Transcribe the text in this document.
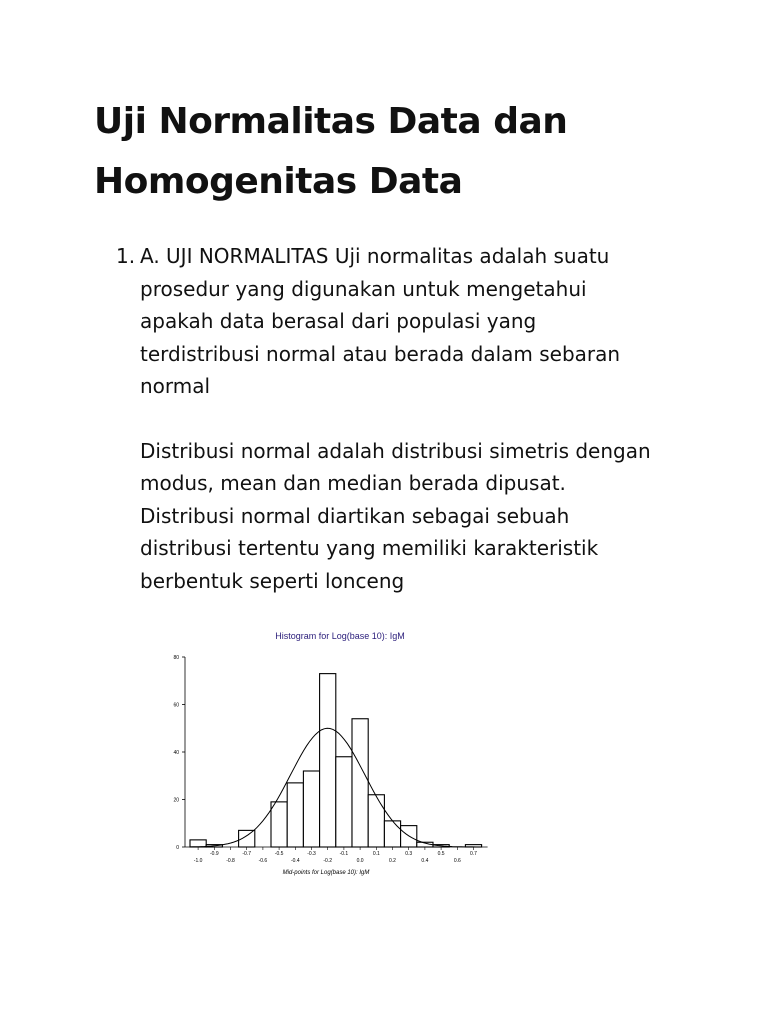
Uji Normalitas Data dan
Homogenitas Data
1. A. UJI NORMALITAS Uji normalitas adalah suatu
prosedur yang digunakan untuk mengetahui
apakah data berasal dari populasi yang
terdistribusi normal atau berada dalam sebaran
normal

Distribusi normal adalah distribusi simetris dengan
modus, mean dan median berada dipusat.
Distribusi normal diartikan sebagai sebuah
distribusi tertentu yang memiliki karakteristik
berbentuk seperti lonceng

Histogram for Log(base 10): IgM
0
20
40
60
80
-1.0
-0.9
-0.8
-0.7
-0.6
-0.5
-0.4
-0.3
-0.2
-0.1
0.0
0.1
0.2
0.3
0.4
0.5
0.6
0.7
Mid-points for Log(base 10): IgM
